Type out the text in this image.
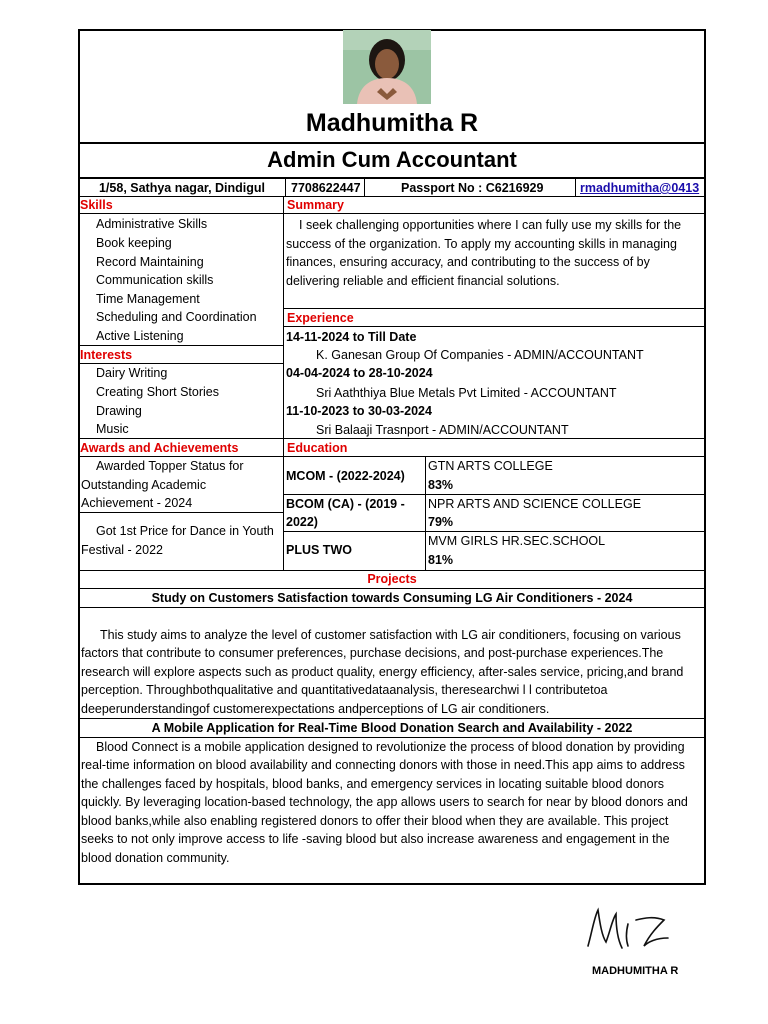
Madhumitha R
Admin Cum Accountant
1/58, Sathya nagar, Dindigul	7708622447	Passport No : C6216929	rmadhumitha@0413
Skills
Administrative Skills
Book keeping
Record Maintaining
Communication skills
Time Management
Scheduling and Coordination
Active Listening
Interests
Dairy Writing
Creating Short Stories
Drawing
Music
Awards and Achievements
Awarded Topper Status for
Outstanding Academic
Achievement - 2024
Got 1st Price for Dance in Youth
Festival - 2022
Summary
I seek challenging opportunities where I can fully use my skills for the
success of the organization. To apply my accounting skills in managing
finances, ensuring accuracy, and contributing to the success of by
delivering reliable and efficient financial solutions.
Experience
14-11-2024 to Till Date
K. Ganesan Group Of Companies - ADMIN/ACCOUNTANT
04-04-2024 to 28-10-2024
Sri Aaththiya Blue Metals Pvt Limited - ACCOUNTANT
11-10-2023 to 30-03-2024
Sri Balaaji Trasnport - ADMIN/ACCOUNTANT
Education
MCOM - (2022-2024)
GTN ARTS COLLEGE
83%
BCOM (CA) - (2019 -
2022)
NPR ARTS AND SCIENCE COLLEGE
79%
PLUS TWO
MVM GIRLS HR.SEC.SCHOOL
81%
Projects
Study on Customers Satisfaction towards Consuming LG Air Conditioners - 2024
This study aims to analyze the level of customer satisfaction with LG air conditioners, focusing on various
factors that contribute to consumer preferences, purchase decisions, and post-purchase experiences.The
research will explore aspects such as product quality, energy efficiency, after-sales service, pricing,and brand
perception. Throughbothqualitative and quantitativedataanalysis, theresearchwi l l contributetoa
deeperunderstandingof customerexpectations andperceptions of LG air conditioners.
A Mobile Application for Real-Time Blood Donation Search and Availability - 2022
Blood Connect is a mobile application designed to revolutionize the process of blood donation by providing
real-time information on blood availability and connecting donors with those in need.This app aims to address
the challenges faced by hospitals, blood banks, and emergency services in locating suitable blood donors
quickly. By leveraging location-based technology, the app allows users to search for near by blood donors and
blood banks,while also enabling registered donors to offer their blood when they are available. This project
seeks to not only improve access to life -saving blood but also increase awareness and engagement in the
blood donation community.
MADHUMITHA R
